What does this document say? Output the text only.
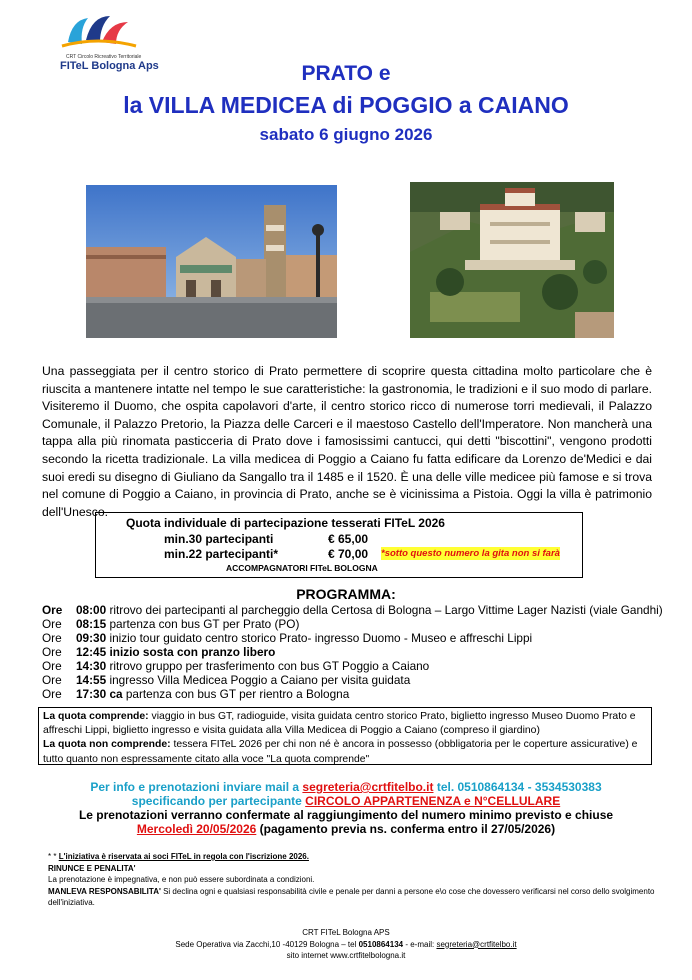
CRT Circolo Ricreativo Territoriale
FITeL Bologna Aps	PRATO e
la VILLA MEDICEA di POGGIO a CAIANO
sabato 6 giugno 2026
Una passeggiata per il centro storico di Prato permettere di scoprire questa cittadina molto particolare che è riuscita a mantenere intatte nel tempo le sue caratteristiche: la gastronomia, le tradizioni e il suo modo di parlare. Visiteremo il Duomo, che ospita capolavori d'arte, il centro storico ricco di numerose torri medievali, il Palazzo Comunale, il Palazzo Pretorio, la Piazza delle Carceri e il maestoso Castello dell'Imperatore. Non mancherà una tappa alla più rinomata pasticceria di Prato dove i famosissimi cantucci, qui detti "biscottini", vengono prodotti secondo la ricetta tradizionale. La villa medicea di Poggio a Caiano fu fatta edificare da Lorenzo de'Medici e dai suoi eredi su disegno di Giuliano da Sangallo tra il 1485 e il 1520. È una delle ville medicee più famose e si trova nel comune di Poggio a Caiano, in provincia di Prato, anche se è vicinissima a Pistoia. Oggi la villa è patrimonio dell'Unesco.
Quota individuale di partecipazione tesserati FITeL 2026
min.30 partecipanti	€ 65,00
min.22 partecipanti*	€ 70,00 *sotto questo numero la gita non si farà
ACCOMPAGNATORI FITeL BOLOGNA
PROGRAMMA:
Ore 08:00 ritrovo dei partecipanti al parcheggio della Certosa di Bologna – Largo Vittime Lager Nazisti (viale Gandhi)
Ore 08:15 partenza con bus GT per Prato (PO)
Ore 09:30 inizio tour guidato centro storico Prato- ingresso Duomo - Museo e affreschi Lippi
Ore 12:45 inizio sosta con pranzo libero
Ore 14:30 ritrovo gruppo per trasferimento con bus GT Poggio a Caiano
Ore 14:55 ingresso Villa Medicea Poggio a Caiano per visita guidata
Ore 17:30 ca partenza con bus GT per rientro a Bologna
La quota comprende: viaggio in bus GT, radioguide, visita guidata centro storico Prato, biglietto ingresso Museo Duomo Prato e affreschi Lippi, biglietto ingresso e visita guidata alla Villa Medicea di Poggio a Caiano (compreso il giardino)
La quota non comprende: tessera FITeL 2026 per chi non né è ancora in possesso (obbligatoria per le coperture assicurative) e tutto quanto non espressamente citato alla voce "La quota comprende"
Per info e prenotazioni inviare mail a segreteria@crtfitelbo.it tel. 0510864134 - 3534530383
specificando per partecipante CIRCOLO APPARTENENZA e N°CELLULARE
Le prenotazioni verranno confermate al raggiungimento del numero minimo previsto e chiuse
Mercoledì 20/05/2026 (pagamento previa ns. conferma entro il 27/05/2026)
* * L'iniziativa è riservata ai soci FITeL in regola con l'iscrizione 2026.
RINUNCE E PENALITA'
La prenotazione è impegnativa, e non può essere subordinata a condizioni.
MANLEVA RESPONSABILITA' Si declina ogni e qualsiasi responsabilità civile e penale per danni a persone e\o cose che dovessero verificarsi nel corso dello svolgimento dell'iniziativa.
CRT FITeL Bologna APS
Sede Operativa via Zacchi,10 -40129 Bologna – tel 0510864134 - e-mail: segreteria@crtfitelbo.it
sito internet www.crtfitelbologna.it
